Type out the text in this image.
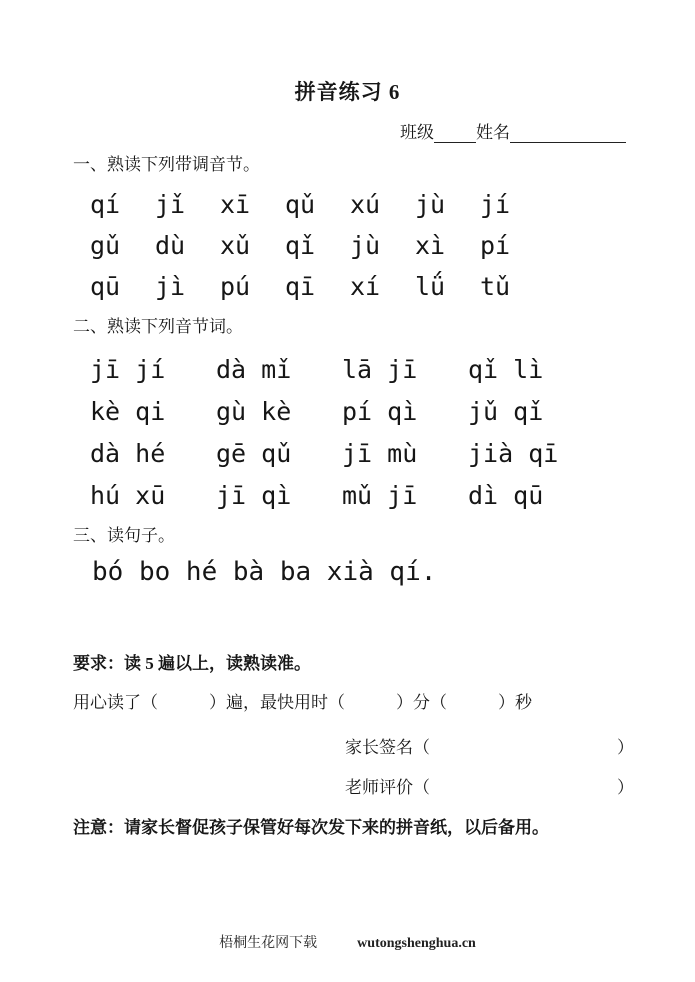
拼音练习 6
班级 姓名
一、熟读下列带调音节。
qí	jǐ	xī	qǔ	xú	jù	jí
gǔ	dù	xǔ	qǐ	jù	xì	pí
qū	jì	pú	qī	xí	lǘ	tǔ
二、熟读下列音节词。
jī jí	dà mǐ	lā jī	qǐ lì
kè qi	gù kè	pí qì	jǔ qǐ
dà hé	gē qǔ	jī mù	jià qī
hú xū	jī qì	mǔ jī	dì qū
三、读句子。
bó bo hé bà ba xià qí.
要求：读 5 遍以上，读熟读准。
用心读了（　　　）遍，最快用时（　　　）分（　　　）秒
家长签名（　　　　　　　　　　　）
老师评价（　　　　　　　　　　　）
注意：请家长督促孩子保管好每次发下来的拼音纸，以后备用。
梧桐生花网下载	wutongshenghua.cn
